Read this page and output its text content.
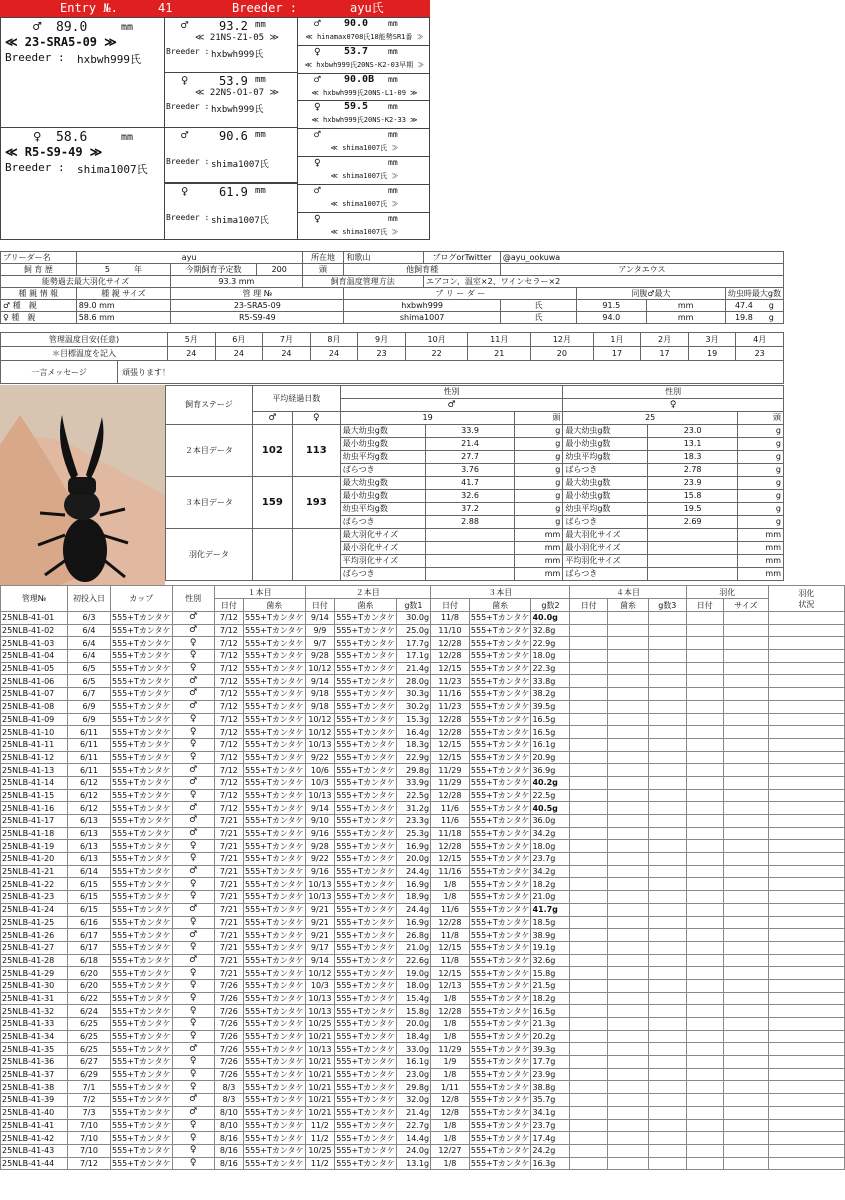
Entry №.	41	Breeder :	ayu氏
♂ 89.0	mm
≪ 23-SRA5-09 ≫
Breeder : hxbwh999氏
♀ 58.6	mm
≪ R5-S9-49 ≫
Breeder : shima1007氏
♂	93.2 mm
≪ 21NS-Z1-05 ≫
Breeder : hxbwh999氏
♀	53.9 mm
≪ 22NS-O1-07 ≫
Breeder : hxbwh999氏
♂	90.6 mm
Breeder : shima1007氏
♀	61.9 mm
Breeder : shima1007氏
♂ 90.0 mm
≪ hinamax0708氏18能勢SR1番 ≫
♀ 53.7 mm
≪ hxbwh999氏20NS-K2-03早期 ≫
♂ 90.0B mm
≪ hxbwh999氏20NS-L1-09 ≫
♀ 59.5 mm
≪ hxbwh999氏20NS-K2-33 ≫
♂	mm
≪ shima1007氏 ≫
♀	mm
≪ shima1007氏 ≫
♂	mm
≪ shima1007氏 ≫
♀	mm
≪ shima1007氏 ≫
ブリーダー名	ayu			所在地	和歌山	ブログorTwitter	@ayu_ookuwa			
飼 育 歴	5　　　 年	今期飼育予定数	200	頭	他飼育種		アンタエウス			
能勢過去最大羽化サイズ		93.3 mm		飼育温度管理方法		エアコン、温室×2、ワインセラー×2				
種 親 情 報	種 親 サイズ	管 理 №			ブ リ ー ダ ー			同腹♂最大		幼虫時最大g数
♂ 種　親	89.0 mm	23-SRA5-09			hxbwh999		氏	91.5	mm	47.4　　 g
♀ 種　親	58.6 mm	R5-S9-49			shima1007		氏	94.0	mm	19.8　　 g
管理温度目安(任意)	5月	6月	7月	8月	9月	10月	11月	12月	1月	2月	3月	4月
＊目標温度を記入	24	24	24	24	23	22	21	20	17	17	19	23
一言メッセージ	頑張ります！
飼育ステージ	平均経過日数		性別			性別		
			♂			♀		
	♂	♀	19		頭	25		頭
２本目データ	102	113	最大幼虫g数	33.9	g	最大幼虫g数	23.0	g
			最小幼虫g数	21.4	g	最小幼虫g数	13.1	g
			幼虫平均g数	27.7	g	幼虫平均g数	18.3	g
			ばらつき	3.76	g	ばらつき	2.78	g
３本目データ	159	193	最大幼虫g数	41.7	g	最大幼虫g数	23.9	g
			最小幼虫g数	32.6	g	最小幼虫g数	15.8	g
			幼虫平均g数	37.2	g	幼虫平均g数	19.5	g
			ばらつき	2.88	g	ばらつき	2.69	g
羽化データ			最大羽化サイズ		mm	最大羽化サイズ		mm
			最小羽化サイズ		mm	最小羽化サイズ		mm
			平均羽化サイズ		mm	平均羽化サイズ		mm
			ばらつき		mm	ばらつき		mm
管理№	初投入日	カップ	性別	１本目		２本目			３本目			４本目			羽化		羽化
状況
				日付	菌糸	日付	菌糸	g数1	日付	菌糸	g数2	日付	菌糸	g数3	日付	サイズ	
25NLB-41-01	6/3	555+Tカンタケ	♂	7/12	555+Tカンタケ	9/14	555+Tカンタケ	30.0g	11/8	555+Tカンタケ	40.0g						
25NLB-41-02	6/4	555+Tカンタケ	♂	7/12	555+Tカンタケ	9/9	555+Tカンタケ	25.0g	11/10	555+Tカンタケ	32.8g						
25NLB-41-03	6/4	555+Tカンタケ	♀	7/12	555+Tカンタケ	9/7	555+Tカンタケ	17.7g	12/28	555+Tカンタケ	22.9g						
25NLB-41-04	6/4	555+Tカンタケ	♀	7/12	555+Tカンタケ	9/28	555+Tカンタケ	17.1g	12/28	555+Tカンタケ	18.0g						
25NLB-41-05	6/5	555+Tカンタケ	♀	7/12	555+Tカンタケ	10/12	555+Tカンタケ	21.4g	12/15	555+Tカンタケ	22.3g						
25NLB-41-06	6/5	555+Tカンタケ	♂	7/12	555+Tカンタケ	9/14	555+Tカンタケ	28.0g	11/23	555+Tカンタケ	33.8g						
25NLB-41-07	6/7	555+Tカンタケ	♂	7/12	555+Tカンタケ	9/18	555+Tカンタケ	30.3g	11/16	555+Tカンタケ	38.2g						
25NLB-41-08	6/9	555+Tカンタケ	♂	7/12	555+Tカンタケ	9/18	555+Tカンタケ	30.2g	11/23	555+Tカンタケ	39.5g						
25NLB-41-09	6/9	555+Tカンタケ	♀	7/12	555+Tカンタケ	10/12	555+Tカンタケ	15.3g	12/28	555+Tカンタケ	16.5g						
25NLB-41-10	6/11	555+Tカンタケ	♀	7/12	555+Tカンタケ	10/12	555+Tカンタケ	16.4g	12/28	555+Tカンタケ	16.5g						
25NLB-41-11	6/11	555+Tカンタケ	♀	7/12	555+Tカンタケ	10/13	555+Tカンタケ	18.3g	12/15	555+Tカンタケ	16.1g						
25NLB-41-12	6/11	555+Tカンタケ	♀	7/12	555+Tカンタケ	9/22	555+Tカンタケ	22.9g	12/15	555+Tカンタケ	20.9g						
25NLB-41-13	6/11	555+Tカンタケ	♂	7/12	555+Tカンタケ	10/6	555+Tカンタケ	29.8g	11/29	555+Tカンタケ	36.9g						
25NLB-41-14	6/12	555+Tカンタケ	♂	7/12	555+Tカンタケ	10/3	555+Tカンタケ	33.9g	11/29	555+Tカンタケ	40.2g						
25NLB-41-15	6/12	555+Tカンタケ	♀	7/12	555+Tカンタケ	10/13	555+Tカンタケ	22.5g	12/28	555+Tカンタケ	22.5g						
25NLB-41-16	6/12	555+Tカンタケ	♂	7/12	555+Tカンタケ	9/14	555+Tカンタケ	31.2g	11/6	555+Tカンタケ	40.5g						
25NLB-41-17	6/13	555+Tカンタケ	♂	7/21	555+Tカンタケ	9/10	555+Tカンタケ	23.3g	11/6	555+Tカンタケ	36.0g						
25NLB-41-18	6/13	555+Tカンタケ	♂	7/21	555+Tカンタケ	9/16	555+Tカンタケ	25.3g	11/18	555+Tカンタケ	34.2g						
25NLB-41-19	6/13	555+Tカンタケ	♀	7/21	555+Tカンタケ	9/28	555+Tカンタケ	16.9g	12/28	555+Tカンタケ	18.0g						
25NLB-41-20	6/13	555+Tカンタケ	♀	7/21	555+Tカンタケ	9/22	555+Tカンタケ	20.0g	12/15	555+Tカンタケ	23.7g						
25NLB-41-21	6/14	555+Tカンタケ	♂	7/21	555+Tカンタケ	9/16	555+Tカンタケ	24.4g	11/16	555+Tカンタケ	34.2g						
25NLB-41-22	6/15	555+Tカンタケ	♀	7/21	555+Tカンタケ	10/13	555+Tカンタケ	16.9g	1/8	555+Tカンタケ	18.2g						
25NLB-41-23	6/15	555+Tカンタケ	♀	7/21	555+Tカンタケ	10/13	555+Tカンタケ	18.9g	1/8	555+Tカンタケ	21.0g						
25NLB-41-24	6/15	555+Tカンタケ	♂	7/21	555+Tカンタケ	9/21	555+Tカンタケ	24.4g	11/6	555+Tカンタケ	41.7g						
25NLB-41-25	6/16	555+Tカンタケ	♀	7/21	555+Tカンタケ	9/21	555+Tカンタケ	16.9g	12/28	555+Tカンタケ	18.5g						
25NLB-41-26	6/17	555+Tカンタケ	♂	7/21	555+Tカンタケ	9/21	555+Tカンタケ	26.8g	11/8	555+Tカンタケ	38.9g						
25NLB-41-27	6/17	555+Tカンタケ	♀	7/21	555+Tカンタケ	9/17	555+Tカンタケ	21.0g	12/15	555+Tカンタケ	19.1g						
25NLB-41-28	6/18	555+Tカンタケ	♂	7/21	555+Tカンタケ	9/14	555+Tカンタケ	22.6g	11/8	555+Tカンタケ	32.6g						
25NLB-41-29	6/20	555+Tカンタケ	♀	7/21	555+Tカンタケ	10/12	555+Tカンタケ	19.0g	12/15	555+Tカンタケ	15.8g						
25NLB-41-30	6/20	555+Tカンタケ	♀	7/26	555+Tカンタケ	10/3	555+Tカンタケ	18.0g	12/13	555+Tカンタケ	21.5g						
25NLB-41-31	6/22	555+Tカンタケ	♀	7/26	555+Tカンタケ	10/13	555+Tカンタケ	15.4g	1/8	555+Tカンタケ	18.2g						
25NLB-41-32	6/24	555+Tカンタケ	♀	7/26	555+Tカンタケ	10/13	555+Tカンタケ	15.8g	12/28	555+Tカンタケ	16.5g						
25NLB-41-33	6/25	555+Tカンタケ	♀	7/26	555+Tカンタケ	10/25	555+Tカンタケ	20.0g	1/8	555+Tカンタケ	21.3g						
25NLB-41-34	6/25	555+Tカンタケ	♀	7/26	555+Tカンタケ	10/21	555+Tカンタケ	18.4g	1/8	555+Tカンタケ	20.2g						
25NLB-41-35	6/25	555+Tカンタケ	♂	7/26	555+Tカンタケ	10/13	555+Tカンタケ	33.0g	11/29	555+Tカンタケ	39.3g						
25NLB-41-36	6/27	555+Tカンタケ	♀	7/26	555+Tカンタケ	10/21	555+Tカンタケ	16.1g	1/9	555+Tカンタケ	17.7g						
25NLB-41-37	6/29	555+Tカンタケ	♀	7/26	555+Tカンタケ	10/21	555+Tカンタケ	23.0g	1/8	555+Tカンタケ	23.9g						
25NLB-41-38	7/1	555+Tカンタケ	♀	8/3	555+Tカンタケ	10/21	555+Tカンタケ	29.8g	1/11	555+Tカンタケ	38.8g						
25NLB-41-39	7/2	555+Tカンタケ	♂	8/3	555+Tカンタケ	10/21	555+Tカンタケ	32.0g	12/8	555+Tカンタケ	35.7g						
25NLB-41-40	7/3	555+Tカンタケ	♂	8/10	555+Tカンタケ	10/21	555+Tカンタケ	21.4g	12/8	555+Tカンタケ	34.1g						
25NLB-41-41	7/10	555+Tカンタケ	♀	8/10	555+Tカンタケ	11/2	555+Tカンタケ	22.7g	1/8	555+Tカンタケ	23.7g						
25NLB-41-42	7/10	555+Tカンタケ	♀	8/16	555+Tカンタケ	11/2	555+Tカンタケ	14.4g	1/8	555+Tカンタケ	17.4g						
25NLB-41-43	7/10	555+Tカンタケ	♀	8/16	555+Tカンタケ	10/25	555+Tカンタケ	24.0g	12/27	555+Tカンタケ	24.2g						
25NLB-41-44	7/12	555+Tカンタケ	♀	8/16	555+Tカンタケ	11/2	555+Tカンタケ	13.1g	1/8	555+Tカンタケ	16.3g						
